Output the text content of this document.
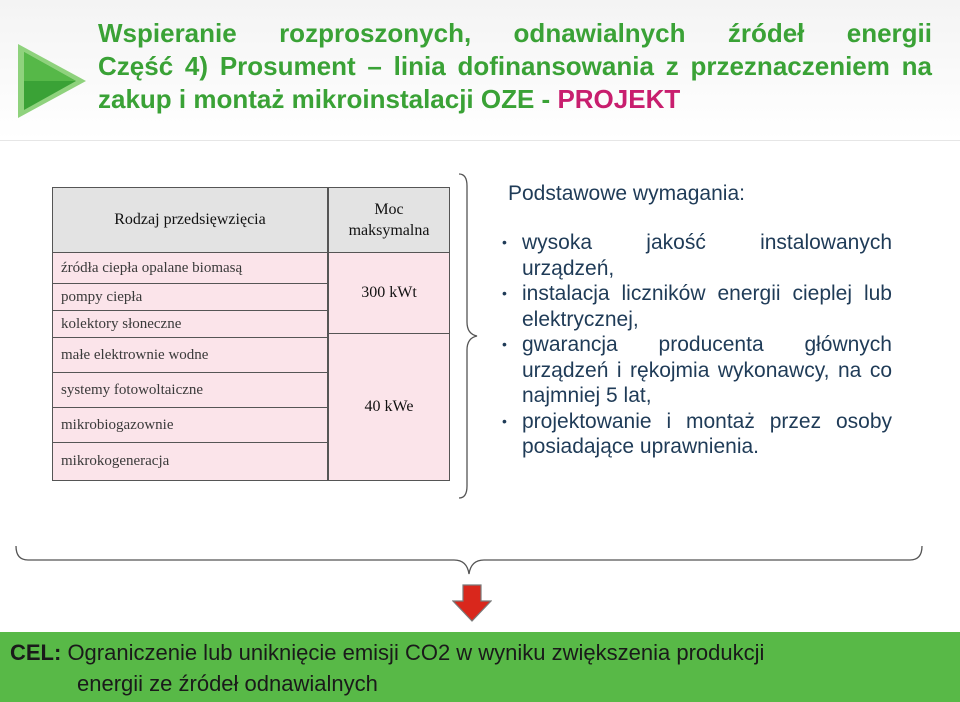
Wspieranie rozproszonych, odnawialnych źródeł energii
Część 4) Prosument – linia dofinansowania z przeznaczeniem na
zakup i montaż mikroinstalacji OZE - PROJEKT
Rodzaj przedsięwzięcia
źródła ciepła opalane biomasą
pompy ciepła
kolektory słoneczne
małe elektrownie wodne
systemy fotowoltaiczne
mikrobiogazownie
mikrokogeneracja
Moc
maksymalna
300 kWt
40 kWe
Podstawowe wymagania:
• wysoka jakość instalowanych urządzeń,
• instalacja liczników energii cieplej lub elektrycznej,
• gwarancja producenta głównych urządzeń i rękojmia wykonawcy, na co najmniej 5 lat,
• projektowanie i montaż przez osoby posiadające uprawnienia.
CEL: Ograniczenie lub uniknięcie emisji CO2 w wyniku zwiększenia produkcji
energii ze źródeł odnawialnych
